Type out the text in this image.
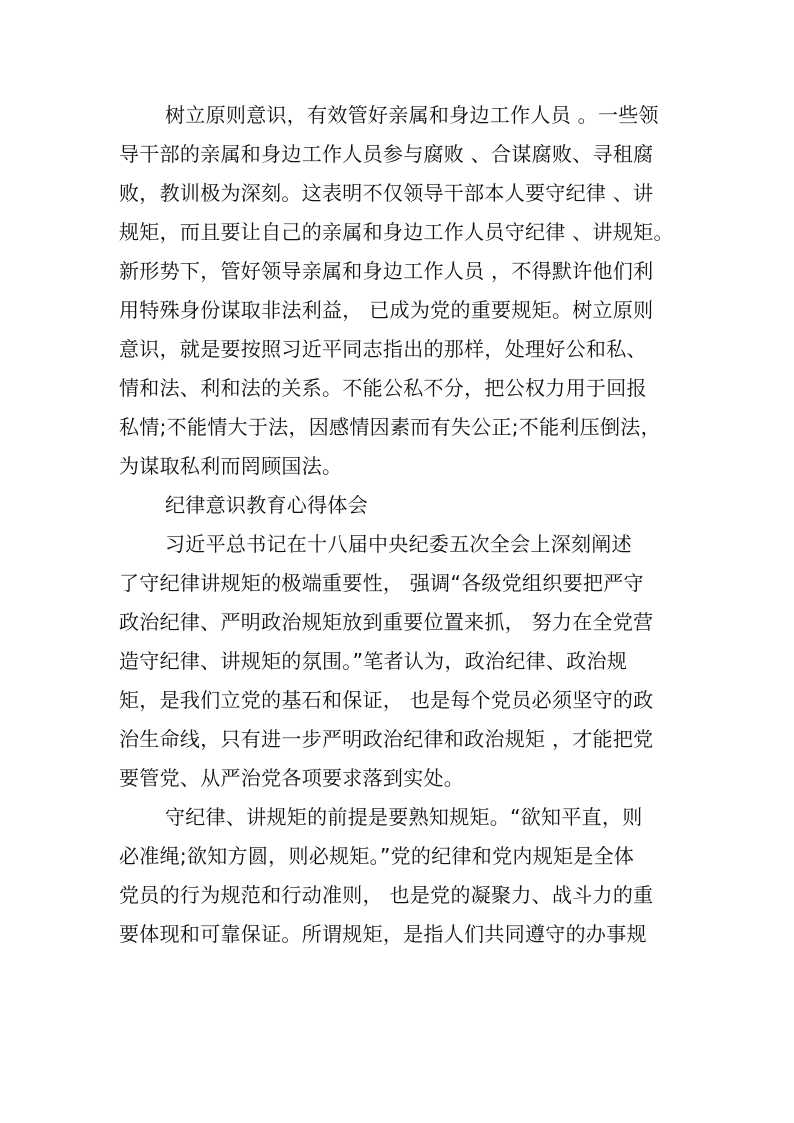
树立原则意识，有效管好亲属和身边工作人员 。一些领
导干部的亲属和身边工作人员参与腐败 、合谋腐败、寻租腐
败，教训极为深刻。这表明不仅领导干部本人要守纪律 、讲
规矩，而且要让自己的亲属和身边工作人员守纪律 、讲规矩。
新形势下，管好领导亲属和身边工作人员 ，不得默许他们利
用特殊身份谋取非法利益， 已成为党的重要规矩。树立原则
意识，就是要按照习近平同志指出的那样，处理好公和私、
情和法、利和法的关系。不能公私不分，把公权力用于回报
私情;不能情大于法，因感情因素而有失公正;不能利压倒法，
为谋取私利而罔顾国法。
纪律意识教育心得体会
习近平总书记在十八届中央纪委五次全会上深刻阐述
了守纪律讲规矩的极端重要性， 强调“各级党组织要把严守
政治纪律、严明政治规矩放到重要位置来抓， 努力在全党营
造守纪律、讲规矩的氛围。”笔者认为，政治纪律、政治规
矩，是我们立党的基石和保证， 也是每个党员必须坚守的政
治生命线，只有进一步严明政治纪律和政治规矩 ，才能把党
要管党、从严治党各项要求落到实处。
守纪律、讲规矩的前提是要熟知规矩。“欲知平直，则
必准绳;欲知方圆，则必规矩。”党的纪律和党内规矩是全体
党员的行为规范和行动准则， 也是党的凝聚力、战斗力的重
要体现和可靠保证。所谓规矩，是指人们共同遵守的办事规
